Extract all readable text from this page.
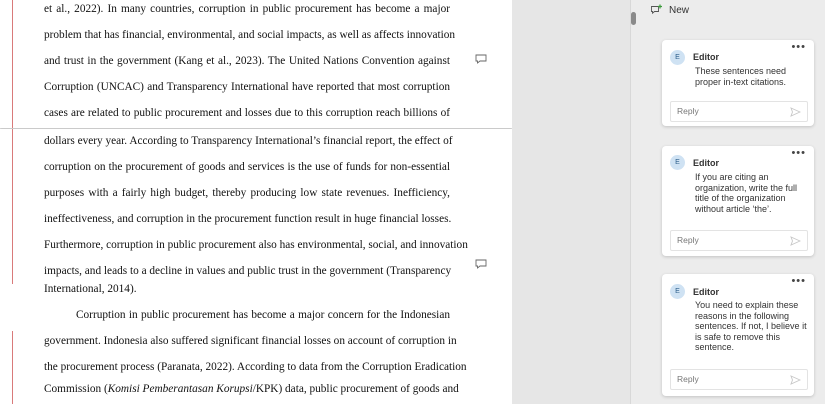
et al., 2022). In many countries, corruption in public procurement has become a major
problem that has financial, environmental, and social impacts, as well as affects innovation
and trust in the government (Kang et al., 2023). The United Nations Convention against
Corruption (UNCAC) and Transparency International have reported that most corruption
cases are related to public procurement and losses due to this corruption reach billions of
dollars every year. According to Transparency International’s financial report, the effect of
corruption on the procurement of goods and services is the use of funds for non-essential
purposes with a fairly high budget, thereby producing low state revenues. Inefficiency,
ineffectiveness, and corruption in the procurement function result in huge financial losses.
Furthermore, corruption in public procurement also has environmental, social, and innovation
impacts, and leads to a decline in values and public trust in the government (Transparency
International, 2014).
Corruption in public procurement has become a major concern for the Indonesian
government. Indonesia also suffered significant financial losses on account of corruption in
the procurement process (Paranata, 2022). According to data from the Corruption Eradication
Commission (Komisi Pemberantasan Korupsi/KPK) data, public procurement of goods and
New
•••
E	Editor
These sentences need proper in-text citations.
Reply
•••
E	Editor
If you are citing an organization, write the full title of the organization without article ‘the’.
Reply
•••
E	Editor
You need to explain these reasons in the following sentences. If not, I believe it is safe to remove this sentence.
Reply
